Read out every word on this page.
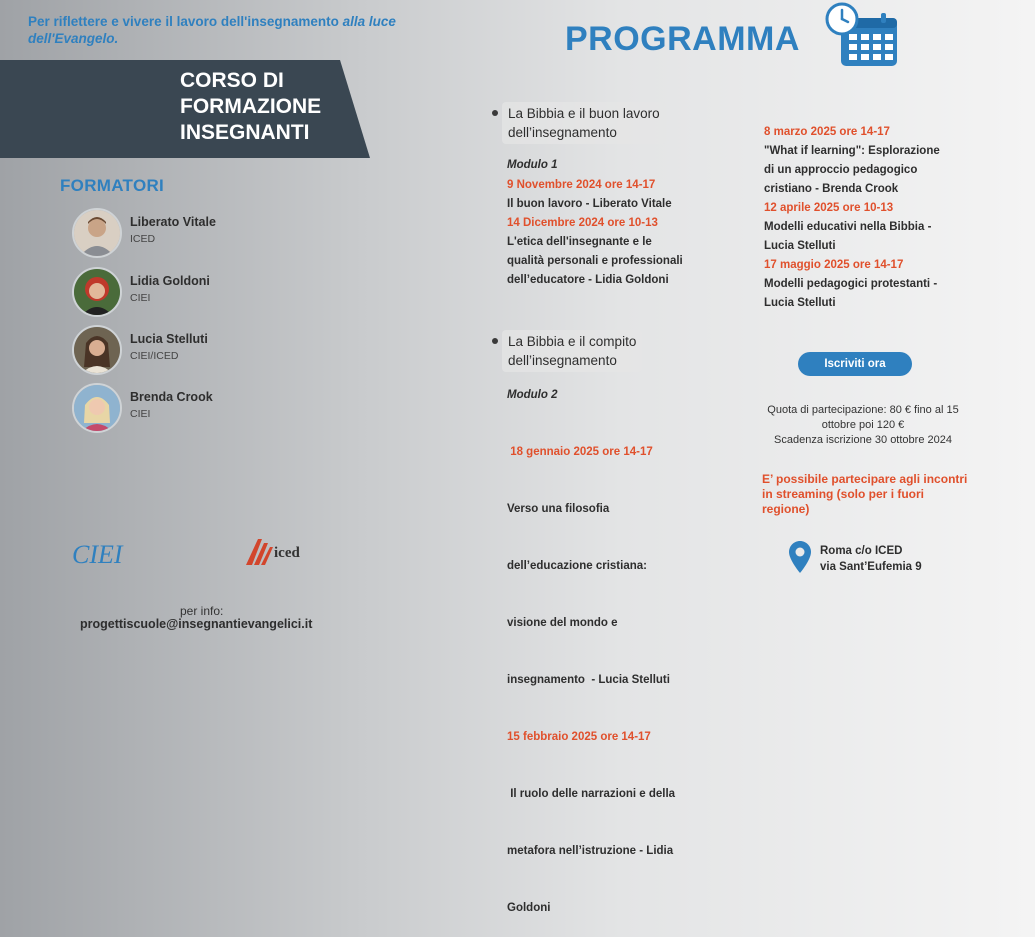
Per riflettere e vivere il lavoro dell'insegnamento alla luce dell'Evangelo.
CORSO DI
FORMAZIONE
INSEGNANTI
FORMATORI
Liberato Vitale
ICED
Lidia Goldoni
CIEI
Lucia Stelluti
CIEI/ICED
Brenda Crook
CIEI
CIEI	iced
per info:
progettiscuole@insegnantievangelici.it
PROGRAMMA
La Bibbia e il buon lavoro
dell’insegnamento
Modulo 1
9 Novembre 2024 ore 14-17
Il buon lavoro - Liberato Vitale
14 Dicembre 2024 ore 10-13
L'etica dell'insegnante e le
qualità personali e professionali
dell’educatore - Lidia Goldoni
La Bibbia e il compito
dell’insegnamento
Modulo 2

18 gennaio 2025 ore 14-17

Verso una filosofia

dell’educazione cristiana:

visione del mondo e

insegnamento  - Lucia Stelluti

15 febbraio 2025 ore 14-17

Il ruolo delle narrazioni e della

metafora nell’istruzione - Lidia

Goldoni

8 marzo 2025 ore 14-17
"What if learning": Esplorazione
di un approccio pedagogico
cristiano - Brenda Crook
12 aprile 2025 ore 10-13
Modelli educativi nella Bibbia -
Lucia Stelluti
17 maggio 2025 ore 14-17
Modelli pedagogici protestanti -
Lucia Stelluti
Iscriviti ora
Quota di partecipazione: 80 € fino al 15
ottobre poi 120 €
Scadenza iscrizione 30 ottobre 2024
E’ possibile partecipare agli incontri
in streaming (solo per i fuori
regione)
Roma c/o ICED
via Sant’Eufemia 9
